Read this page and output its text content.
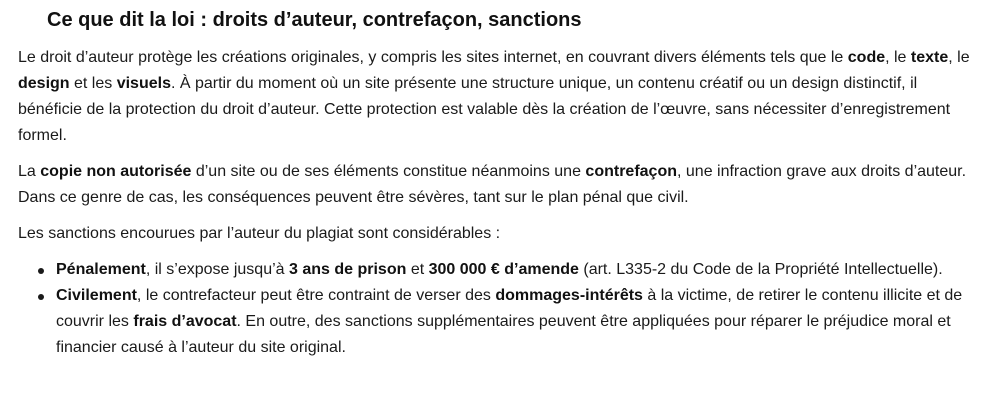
Ce que dit la loi : droits d’auteur, contrefaçon, sanctions

Le droit d’auteur protège les créations originales, y compris les sites internet, en couvrant divers éléments tels que le code, le texte, le design et les visuels. À partir du moment où un site présente une structure unique, un contenu créatif ou un design distinctif, il bénéficie de la protection du droit d’auteur. Cette protection est valable dès la création de l’œuvre, sans nécessiter d’enregistrement formel.

La copie non autorisée d’un site ou de ses éléments constitue néanmoins une contrefaçon, une infraction grave aux droits d’auteur. Dans ce genre de cas, les conséquences peuvent être sévères, tant sur le plan pénal que civil.

Les sanctions encourues par l’auteur du plagiat sont considérables :

Pénalement, il s’expose jusqu’à 3 ans de prison et 300 000 € d’amende (art. L335-2 du Code de la Propriété Intellectuelle).
Civilement, le contrefacteur peut être contraint de verser des dommages-intérêts à la victime, de retirer le contenu illicite et de couvrir les frais d’avocat. En outre, des sanctions supplémentaires peuvent être appliquées pour réparer le préjudice moral et financier causé à l’auteur du site original.
